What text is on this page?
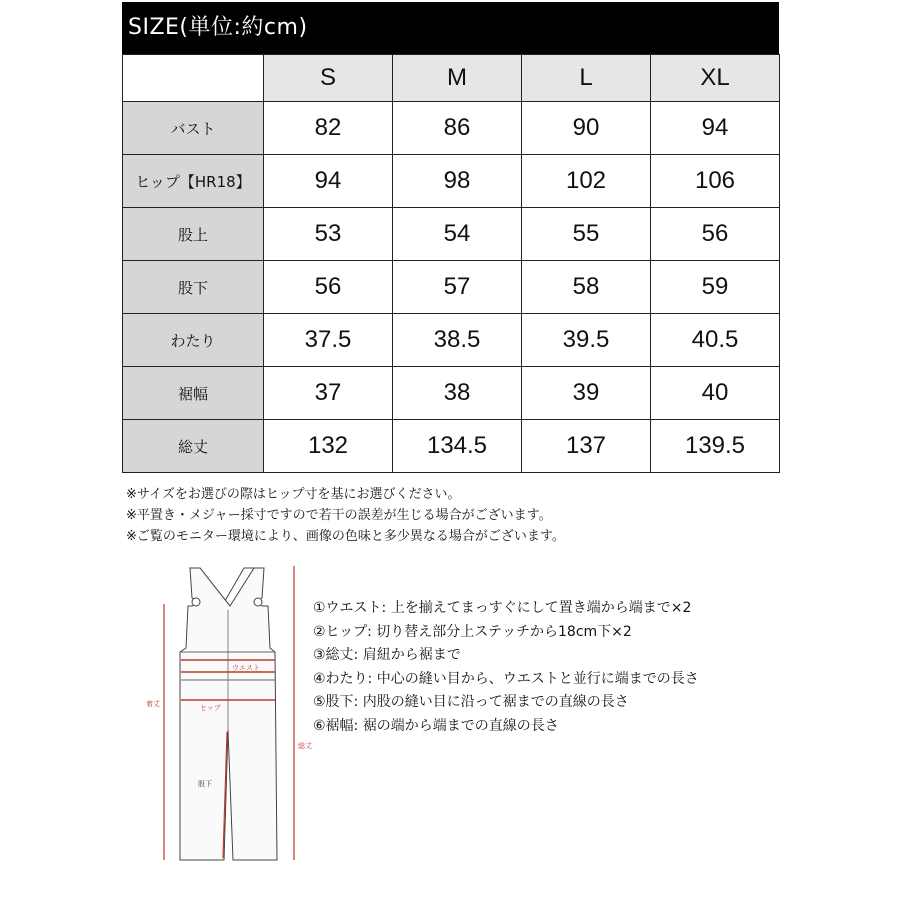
SIZE(単位:約cm)
	S	M	L	XL
バスト	82	86	90	94
ヒップ【HR18】	94	98	102	106
股上	53	54	55	56
股下	56	57	58	59
わたり	37.5	38.5	39.5	40.5
裾幅	37	38	39	40
総丈	132	134.5	137	139.5
※サイズをお選びの際はヒップ寸を基にお選びください。
※平置き・メジャー採寸ですので若干の誤差が生じる場合がございます。
※ご覧のモニター環境により、画像の色味と多少異なる場合がございます。
ウエスト
ヒップ
股下
着丈
総丈
①ウエスト: 上を揃えてまっすぐにして置き端から端まで×2
②ヒップ: 切り替え部分上ステッチから18cm下×2
③総丈: 肩紐から裾まで
④わたり: 中心の縫い目から、ウエストと並行に端までの長さ
⑤股下: 内股の縫い目に沿って裾までの直線の長さ
⑥裾幅: 裾の端から端までの直線の長さ
